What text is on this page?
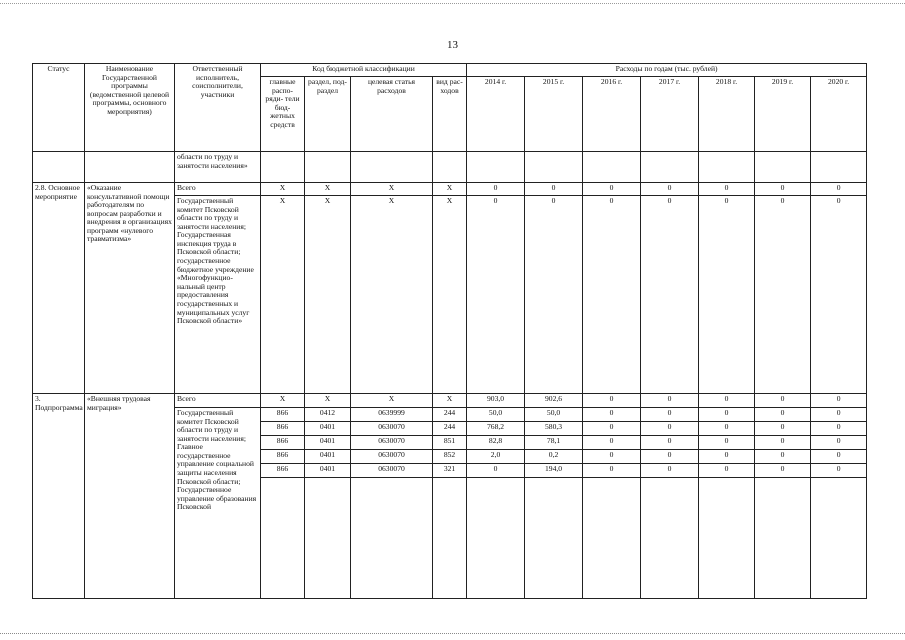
13
Статус	Наименование Государственной программы (ведомственной целевой программы, основного мероприятия)	Ответственный исполнитель, соисполнители, участники	Код бюджетной классификации				Расходы по годам (тыс. рублей)						
			главные распо- ряди- тели бюд- жетных средств	раздел, под- раздел	целевая статья расходов	вид рас- ходов	2014 г.	2015 г.	2016 г.	2017 г.	2018 г.	2019 г.	2020 г.
		области по труду и занятости населения»											
2.8. Основное мероприятие	«Оказание консультативной помощи работодателям по вопросам разработки и внедрения в организациях программ «нулевого травматизма»	Всего	Х	Х	Х	Х	0	0	0	0	0	0	0
		Государственный комитет Псковской области по труду и занятости населения; Государственная инспекция труда в Псковской области; государственное бюджетное учреждение «Многофункцио- нальный центр предоставления государственных и муниципальных услуг Псковской области»	Х	Х	Х	Х	0	0	0	0	0	0	0
3. Подпрограмма	«Внешняя трудовая миграция»	Всего	Х	Х	Х	Х	903,0	902,6	0	0	0	0	0
		Государственный комитет Псковской области по труду и занятости населения; Главное государственное управление социальной защиты населения Псковской области; Государственное управление образования Псковской	866	0412	0639999	244	50,0	50,0	0	0	0	0	0
			866	0401	0630070	244	768,2	580,3	0	0	0	0	0
			866	0401	0630070	851	82,8	78,1	0	0	0	0	0
			866	0401	0630070	852	2,0	0,2	0	0	0	0	0
			866	0401	0630070	321	0	194,0	0	0	0	0	0
